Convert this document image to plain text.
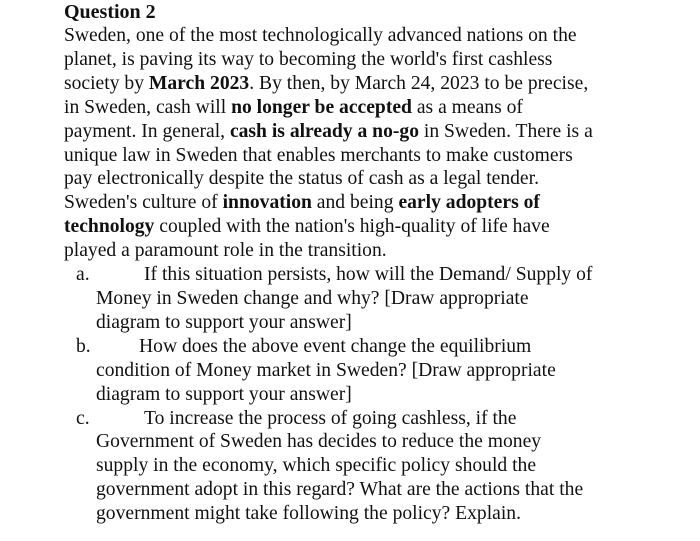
Question 2

Sweden, one of the most technologically advanced nations on the
planet, is paving its way to becoming the world's first cashless
society by March 2023. By then, by March 24, 2023 to be precise,
in Sweden, cash will no longer be accepted as a means of
payment. In general, cash is already a no-go in Sweden. There is a
unique law in Sweden that enables merchants to make customers
pay electronically despite the status of cash as a legal tender.
Sweden's culture of innovation and being early adopters of
technology coupled with the nation's high-quality of life have
played a paramount role in the transition.

a.	If this situation persists, how will the Demand/ Supply of
Money in Sweden change and why? [Draw appropriate
diagram to support your answer]
b.	How does the above event change the equilibrium
condition of Money market in Sweden? [Draw appropriate
diagram to support your answer]
c.	To increase the process of going cashless, if the
Government of Sweden has decides to reduce the money
supply in the economy, which specific policy should the
government adopt in this regard? What are the actions that the
government might take following the policy? Explain.
